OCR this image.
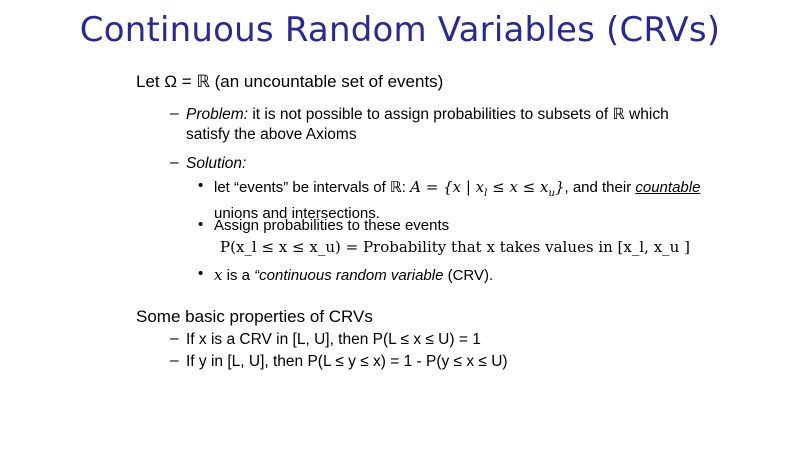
Continuous Random Variables (CRVs)
Let Ω = ℝ (an uncountable set of events)
– Problem: it is not possible to assign probabilities to subsets of ℝ which
satisfy the above Axioms
– Solution:
• let “events” be intervals of ℝ: A = {x | $x_l \le x \le x_u$}, and their countable
unions and intersections.
• Assign probabilities to these events
P(x_l ≤ x ≤ x_u) = Probability that x takes values in [x_l, x_u ]
• x is a “continuous random variable (CRV).
Some basic properties of CRVs
– If x is a CRV in [L, U], then P(L ≤ x ≤ U) = 1
– If y in [L, U], then P(L ≤ y ≤ x) = 1 - P(y ≤ x ≤ U)
